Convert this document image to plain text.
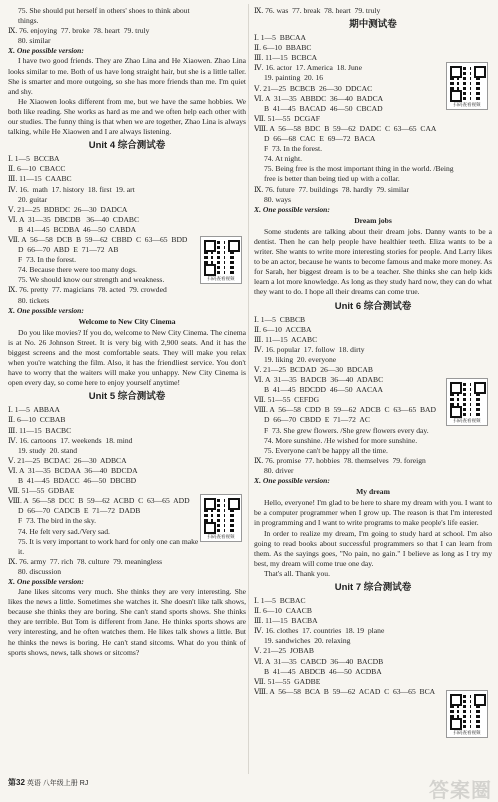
75. She should put herself in others' shoes to think about
things.
Ⅸ. 76. enjoying  77. broke  78. heart  79. truly
80. similar
X. One possible version:
I have two good friends. They are Zhao Lina and He Xiaowen. Zhao Lina looks similar to me. Both of us have long straight hair, but she is a little taller. She is smarter and more outgoing, so she has more friends than me. I'm quiet and shy.
He Xiaowen looks different from me, but we have the same hobbies. We both like reading. She works as hard as me and we often help each other with our studies. The funny thing is that when we are together, Zhao Lina is always talking, while He Xiaowen and I are always listening.
Unit 4 综合测试卷
Ⅰ. 1—5  BCCBA
Ⅱ. 6—10  CBACC
Ⅲ. 11—15  CAABC
Ⅳ. 16.  math  17. history  18. first  19. art
20. guitar
Ⅴ. 21—25  BDBDC  26—30  DADCA
Ⅵ. A  31—35  DBCDB   36—40  CDABC
B  41—45  BCDBA  46—50  CABDA
Ⅶ. A  56—58  DCB  B  59—62  CBBD  C  63—65  BDD
D  66—70  ABD  E  71—72  AB
F  73. In the forest.
74. Because there were too many dogs.
75. We should know our strength and weakness.
Ⅸ. 76. pretty  77. magicians  78. acted  79. crowded
80. tickets
X. One possible version:
Welcome to New City Cinema
Do you like movies? If you do, welcome to New City Cinema. The cinema is at No. 26 Johnson Street. It is very big with 2,900 seats. And it has the biggest screens and the most comfortable seats. They will make you relax when you're watching the film. Also, it has the friendliest service. You don't have to worry that the waiters will make you unhappy. New City Cinema is open every day, so come here to enjoy yourself anytime!
Unit 5 综合测试卷
Ⅰ. 1—5  ABBAA
Ⅱ. 6—10  CCBAB
Ⅲ. 11—15  BACBC
Ⅳ. 16. cartoons  17. weekends  18. mind
19. study  20. stand
Ⅴ. 21—25  BCDAC  26—30  ADBCA
Ⅵ. A  31—35  BCDAA  36—40  BDCDA
B  41—45  BDACC  46—50  DBCBD
Ⅶ. 51—55  GDBAE
Ⅷ. A  56—58  DCC  B  59—62  ACBD  C  63—65  ADD
D  66—70  CADCB  E  71—72  DADB
F  73. The bird in the sky.
74. He felt very sad./Very sad.
75. It is very important to work hard for only one can make
it.
Ⅸ. 76. army  77. rich  78. culture  79. meaningless
80. discussion
X. One possible version:
Jane likes sitcoms very much. She thinks they are very interesting. She likes the news a little. Sometimes she watches it. She doesn't like talk shows, because she thinks they are boring. She can't stand sports shows. She thinks they are terrible. But Tom is different from Jane. He thinks sports shows are very interesting, and he often watches them. He likes talk shows a little. But he thinks the news is boring. He can't stand sitcoms. What do you think of sports shows, news, talk shows or sitcoms?
Ⅸ. 76. was  77. break  78. heart  79. truly
期中测试卷
Ⅰ. 1—5  BBCAA
Ⅱ. 6—10  BBABC
Ⅲ. 11—15  BCBCA
Ⅳ. 16. actor  17. America  18. June
19. painting  20. 16
Ⅴ. 21—25  BCBCB  26—30  DDCAC
Ⅵ. A  31—35  ABBDC  36—40  BADCA
B  41—45  BACAD  46—50  CBCAD
Ⅶ. 51—55  DCGAF
Ⅷ. A  56—58  BDC  B  59—62  DADC  C  63—65  CAA
D  66—68  CAC  E  69—72  BACA
F  73. In the forest.
74. At night.
75. Being free is the most important thing in the world. /Being
free is better than being tied up with a collar.
Ⅸ. 76. future  77. buildings  78. hardly  79. similar
80. ways
X. One possible version:
Dream jobs
Some students are talking about their dream jobs. Danny wants to be a dentist. Then he can help people have healthier teeth. Eliza wants to be a writer. She wants to write more interesting stories for people. And Larry likes to be an actor, because he wants to become famous and make more money. As for Sarah, her biggest dream is to be a teacher. She thinks she can help kids learn a lot more knowledge. As long as they study hard now, they can do what they want to do. I hope all their dreams can come true.
Unit 6 综合测试卷
Ⅰ. 1—5  CBBCB
Ⅱ. 6—10  ACCBA
Ⅲ. 11—15  ACABC
Ⅳ. 16. popular  17. follow  18. dirty
19. liking  20. everyone
Ⅴ. 21—25  BCDAD  26—30  BDCAB
Ⅵ. A  31—35  BADCB  36—40  ADABC
B  41—45  BDCDD  46—50  AACAA
Ⅶ. 51—55  CEFDG
Ⅷ. A  56—58  CDD  B  59—62  ADCB  C  63—65  BAD
D  66—70  CBDD  E  71—72  AC
F  73. She grew flowers. /She grew flowers every day.
74. More sunshine. /He wished for more sunshine.
75. Everyone can't be happy all the time.
Ⅸ. 76. promise  77. hobbies  78. themselves  79. foreign
80. driver
X. One possible version:
My dream
Hello, everyone! I'm glad to be here to share my dream with you. I want to be a computer programmer when I grow up. The reason is that I'm interested in programming and I want to write programs to make people's life easier.
In order to realize my dream, I'm going to study hard at school. I'm also going to read books about successful programmers so that I can learn from them. As the sayings goes, "No pain, no gain." I believe as long as I try my best, my dream will come true one day.
That's all. Thank you.
Unit 7 综合测试卷
Ⅰ. 1—5  BCBAC
Ⅱ. 6—10  CAACB
Ⅲ. 11—15  BACBA
Ⅳ. 16. clothes  17. countries  18. 19  plane
19. sandwiches  20. relaxing
Ⅴ. 21—25  JOBAB
Ⅵ. A  31—35  CABCD  36—40  BACDB
B  41—45  ABDCB  46—50  ACDBA
Ⅶ. 51—55  GADBE
Ⅷ. A  56—58  BCA  B  59—62  ACAD  C  63—65  BCA
扫码查看视频
扫码查看视频
扫码查看视频
扫码查看视频
扫码查看视频
第32 英语 八年级上册 RJ	答案圈
